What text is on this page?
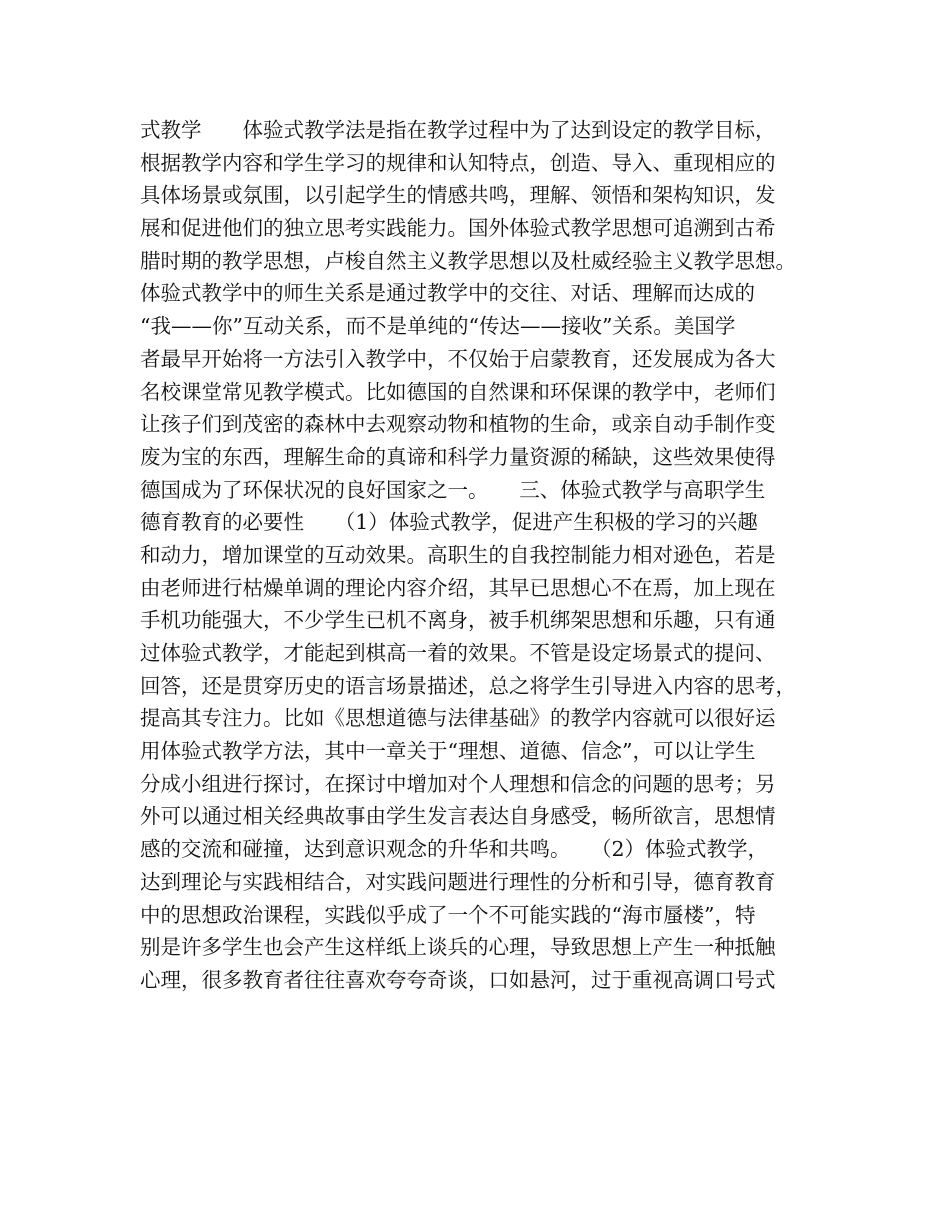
式教学　　体验式教学法是指在教学过程中为了达到设定的教学目标，
根据教学内容和学生学习的规律和认知特点，创造、导入、重现相应的
具体场景或氛围，以引起学生的情感共鸣，理解、领悟和架构知识，发
展和促进他们的独立思考实践能力。国外体验式教学思想可追溯到古希
腊时期的教学思想，卢梭自然主义教学思想以及杜威经验主义教学思想。
体验式教学中的师生关系是通过教学中的交往、对话、理解而达成的
“我——你”互动关系，而不是单纯的“传达——接收”关系。美国学
者最早开始将一方法引入教学中，不仅始于启蒙教育，还发展成为各大
名校课堂常见教学模式。比如德国的自然课和环保课的教学中，老师们
让孩子们到茂密的森林中去观察动物和植物的生命，或亲自动手制作变
废为宝的东西，理解生命的真谛和科学力量资源的稀缺，这些效果使得
德国成为了环保状况的良好国家之一。　　三、体验式教学与高职学生
德育教育的必要性　　（1）体验式教学，促进产生积极的学习的兴趣
和动力，增加课堂的互动效果。高职生的自我控制能力相对逊色，若是
由老师进行枯燥单调的理论内容介绍，其早已思想心不在焉，加上现在
手机功能强大，不少学生已机不离身，被手机绑架思想和乐趣，只有通
过体验式教学，才能起到棋高一着的效果。不管是设定场景式的提问、
回答，还是贯穿历史的语言场景描述，总之将学生引导进入内容的思考，
提高其专注力。比如《思想道德与法律基础》的教学内容就可以很好运
用体验式教学方法，其中一章关于“理想、道德、信念”，可以让学生
分成小组进行探讨，在探讨中增加对个人理想和信念的问题的思考；另
外可以通过相关经典故事由学生发言表达自身感受，畅所欲言，思想情
感的交流和碰撞，达到意识观念的升华和共鸣。　　（2）体验式教学，
达到理论与实践相结合，对实践问题进行理性的分析和引导，德育教育
中的思想政治课程，实践似乎成了一个不可能实践的“海市蜃楼”，特
别是许多学生也会产生这样纸上谈兵的心理，导致思想上产生一种抵触
心理，很多教育者往往喜欢夸夸奇谈，口如悬河，过于重视高调口号式
